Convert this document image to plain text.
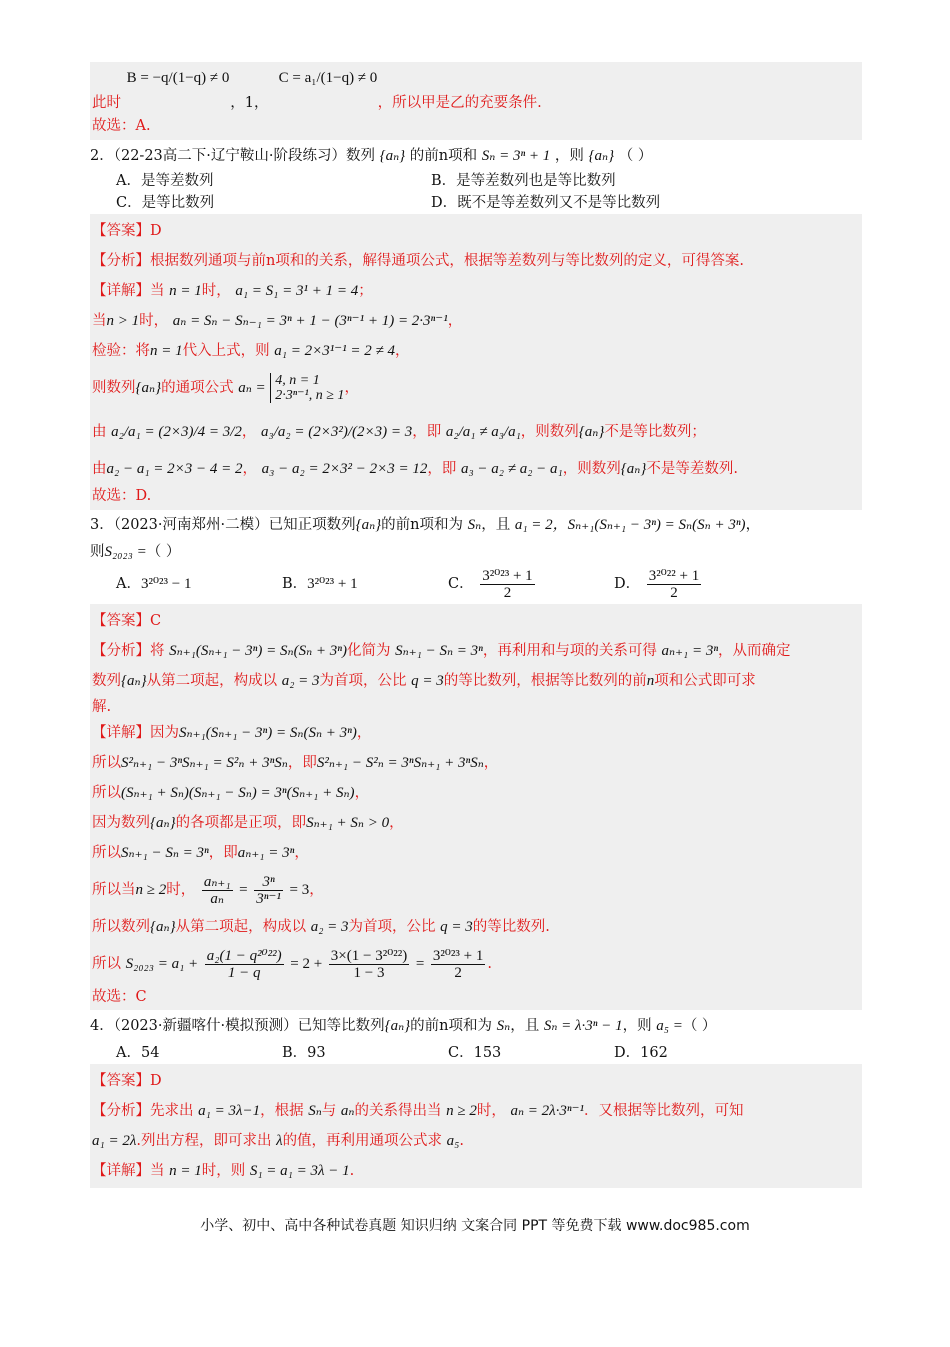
B = −q/(1−q) ≠ 0	C = a₁/(1−q) ≠ 0
此时	，1，	，所以甲是乙的充要条件.
故选：A.
2．（22-23高二下·辽宁鞍山·阶段练习）数列 {aₙ} 的前n项和 Sₙ = 3ⁿ + 1 ，则 {aₙ} （ ）
A．是等差数列	B．是等差数列也是等比数列
C．是等比数列	D．既不是等差数列又不是等比数列
【答案】D
【分析】根据数列通项与前n项和的关系，解得通项公式，根据等差数列与等比数列的定义，可得答案.
【详解】当 n = 1时， a₁ = S₁ = 3¹ + 1 = 4；
当n > 1时， aₙ = Sₙ − Sₙ₋₁ = 3ⁿ + 1 − (3ⁿ⁻¹ + 1) = 2·3ⁿ⁻¹，
检验：将n = 1代入上式，则 a₁ = 2×3¹⁻¹ = 2 ≠ 4，
则数列{aₙ}的通项公式 aₙ = 4, n = 1
2·3ⁿ⁻¹, n ≥ 1 ，
由 a₂/a₁ = (2×3)/4 = 3/2， a₃/a₂ = (2×3²)/(2×3) = 3，即 a₂/a₁ ≠ a₃/a₁，则数列{aₙ}不是等比数列；
由a₂ − a₁ = 2×3 − 4 = 2， a₃ − a₂ = 2×3² − 2×3 = 12，即 a₃ − a₂ ≠ a₂ − a₁，则数列{aₙ}不是等差数列.
故选：D.
3．（2023·河南郑州·二模）已知正项数列{aₙ}的前n项和为 Sₙ，且 a₁ = 2，Sₙ₊₁(Sₙ₊₁ − 3ⁿ) = Sₙ(Sₙ + 3ⁿ)，
则S₂₀₂₃ =（ ）
A．3²⁰²³ − 1	B．3²⁰²³ + 1	C． $\frac{\text{3²⁰²³ + 1}}{2}$	D． $\frac{\text{3²⁰²² + 1}}{2}$
【答案】C
【分析】将 Sₙ₊₁(Sₙ₊₁ − 3ⁿ) = Sₙ(Sₙ + 3ⁿ)化简为 Sₙ₊₁ − Sₙ = 3ⁿ，再利用和与项的关系可得 aₙ₊₁ = 3ⁿ，从而确定
数列{aₙ}从第二项起，构成以 a₂ = 3为首项，公比 q = 3的等比数列，根据等比数列的前n项和公式即可求
解.
【详解】因为Sₙ₊₁(Sₙ₊₁ − 3ⁿ) = Sₙ(Sₙ + 3ⁿ)，
所以S²ₙ₊₁ − 3ⁿSₙ₊₁ = S²ₙ + 3ⁿSₙ，即S²ₙ₊₁ − S²ₙ = 3ⁿSₙ₊₁ + 3ⁿSₙ，
所以(Sₙ₊₁ + Sₙ)(Sₙ₊₁ − Sₙ) = 3ⁿ(Sₙ₊₁ + Sₙ)，
因为数列{aₙ}的各项都是正项，即Sₙ₊₁ + Sₙ > 0，
所以Sₙ₊₁ − Sₙ = 3ⁿ，即aₙ₊₁ = 3ⁿ，
所以当n ≥ 2时， $\frac{\text{aₙ₊₁}}{\text{aₙ}} = \frac{\text{3ⁿ}}{\text{3ⁿ⁻¹}} = 3$，
所以数列{aₙ}从第二项起，构成以 a₂ = 3为首项，公比 q = 3的等比数列.
所以 $S_{2023} = a_1 + \frac{\text{a₂(1 − q²⁰²²)}}{1 - q} = 2 + \frac{\text{3×(1 − 3²⁰²²)}}{1 - 3} = \frac{\text{3²⁰²³ + 1}}{2}$ .
故选：C
4．（2023·新疆喀什·模拟预测）已知等比数列{aₙ}的前n项和为 Sₙ，且 Sₙ = λ·3ⁿ − 1，则 a₅ =（ ）
A．54	B．93	C．153	D．162
【答案】D
【分析】先求出 a₁ = 3λ−1，根据 Sₙ与 aₙ的关系得出当 n ≥ 2时， aₙ = 2λ·3ⁿ⁻¹．又根据等比数列，可知
a₁ = 2λ.列出方程，即可求出 λ的值，再利用通项公式求 a₅.
【详解】当 n = 1时，则 S₁ = a₁ = 3λ − 1.
小学、初中、高中各种试卷真题 知识归纳 文案合同 PPT 等免费下载 www.doc985.com
